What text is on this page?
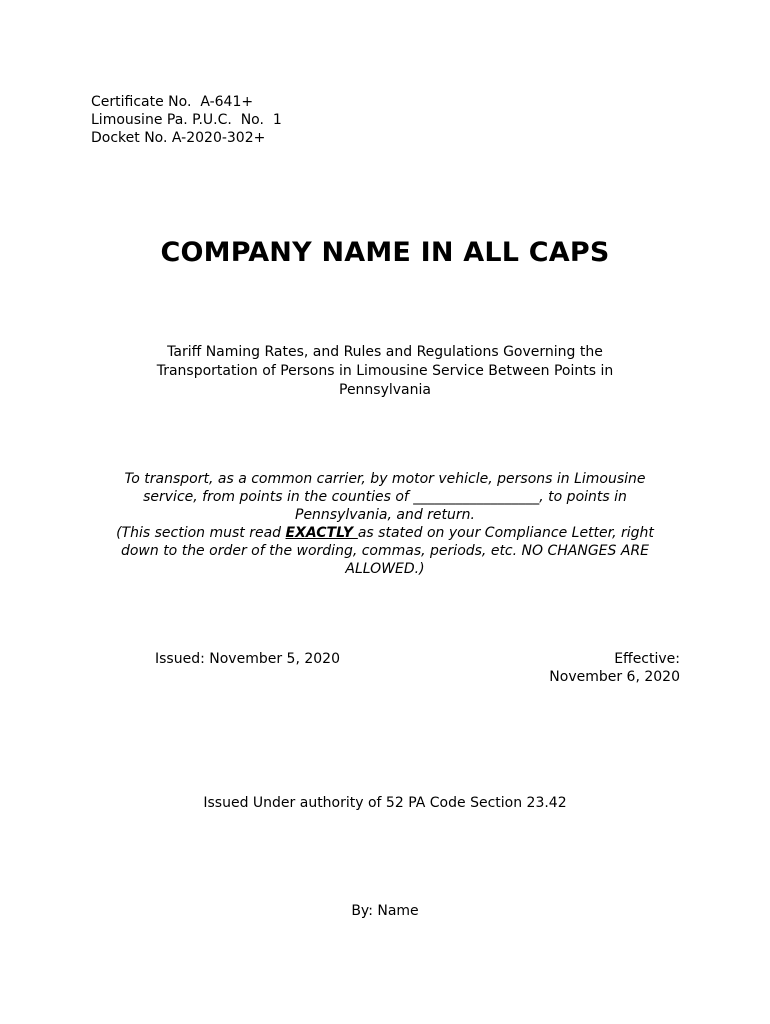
Certificate No.  A-641+
Limousine Pa. P.U.C.  No.  1
Docket No. A-2020-302+
COMPANY NAME IN ALL CAPS
Tariff Naming Rates, and Rules and Regulations Governing the
Transportation of Persons in Limousine Service Between Points in
Pennsylvania
To transport, as a common carrier, by motor vehicle, persons in Limousine
service, from points in the counties of __________________, to points in
Pennsylvania, and return.
(This section must read EXACTLY as stated on your Compliance Letter, right
down to the order of the wording, commas, periods, etc. NO CHANGES ARE
ALLOWED.)
Issued: November 5, 2020	Effective:
November 6, 2020
Issued Under authority of 52 PA Code Section 23.42
By: Name
